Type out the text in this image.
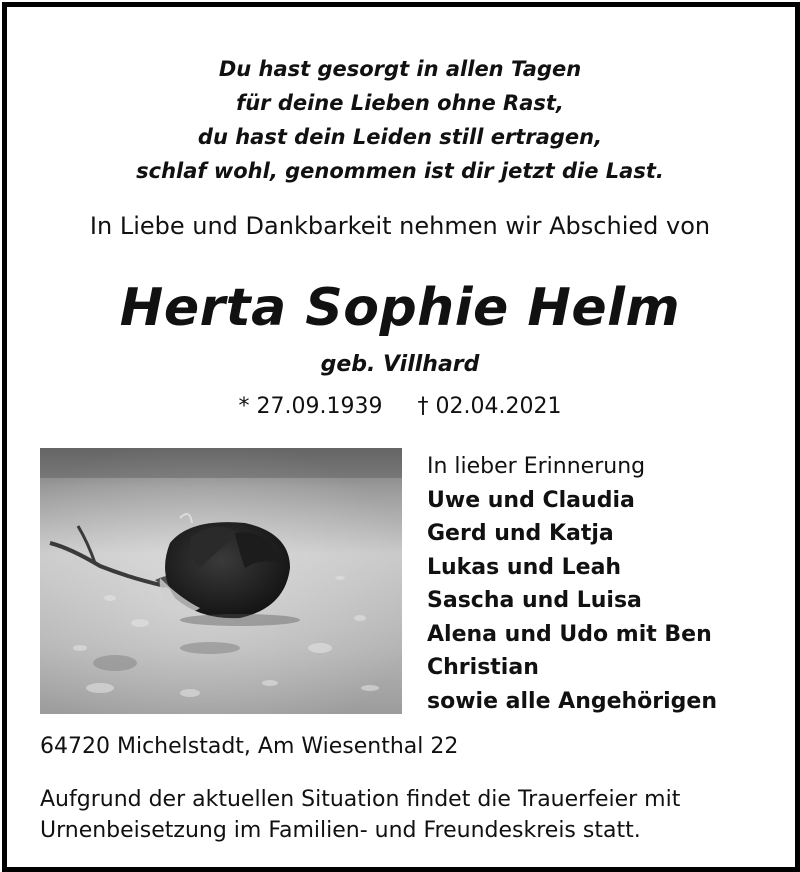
Du hast gesorgt in allen Tagen
für deine Lieben ohne Rast,
du hast dein Leiden still ertragen,
schlaf wohl, genommen ist dir jetzt die Last.
In Liebe und Dankbarkeit nehmen wir Abschied von
Herta Sophie Helm
geb. Villhard
* 27.09.1939 † 02.04.2021
In lieber Erinnerung
Uwe und Claudia
Gerd und Katja
Lukas und Leah
Sascha und Luisa
Alena und Udo mit Ben
Christian
sowie alle Angehörigen
64720 Michelstadt, Am Wiesenthal 22
Aufgrund der aktuellen Situation findet die Trauerfeier mit
Urnenbeisetzung im Familien- und Freundeskreis statt.
